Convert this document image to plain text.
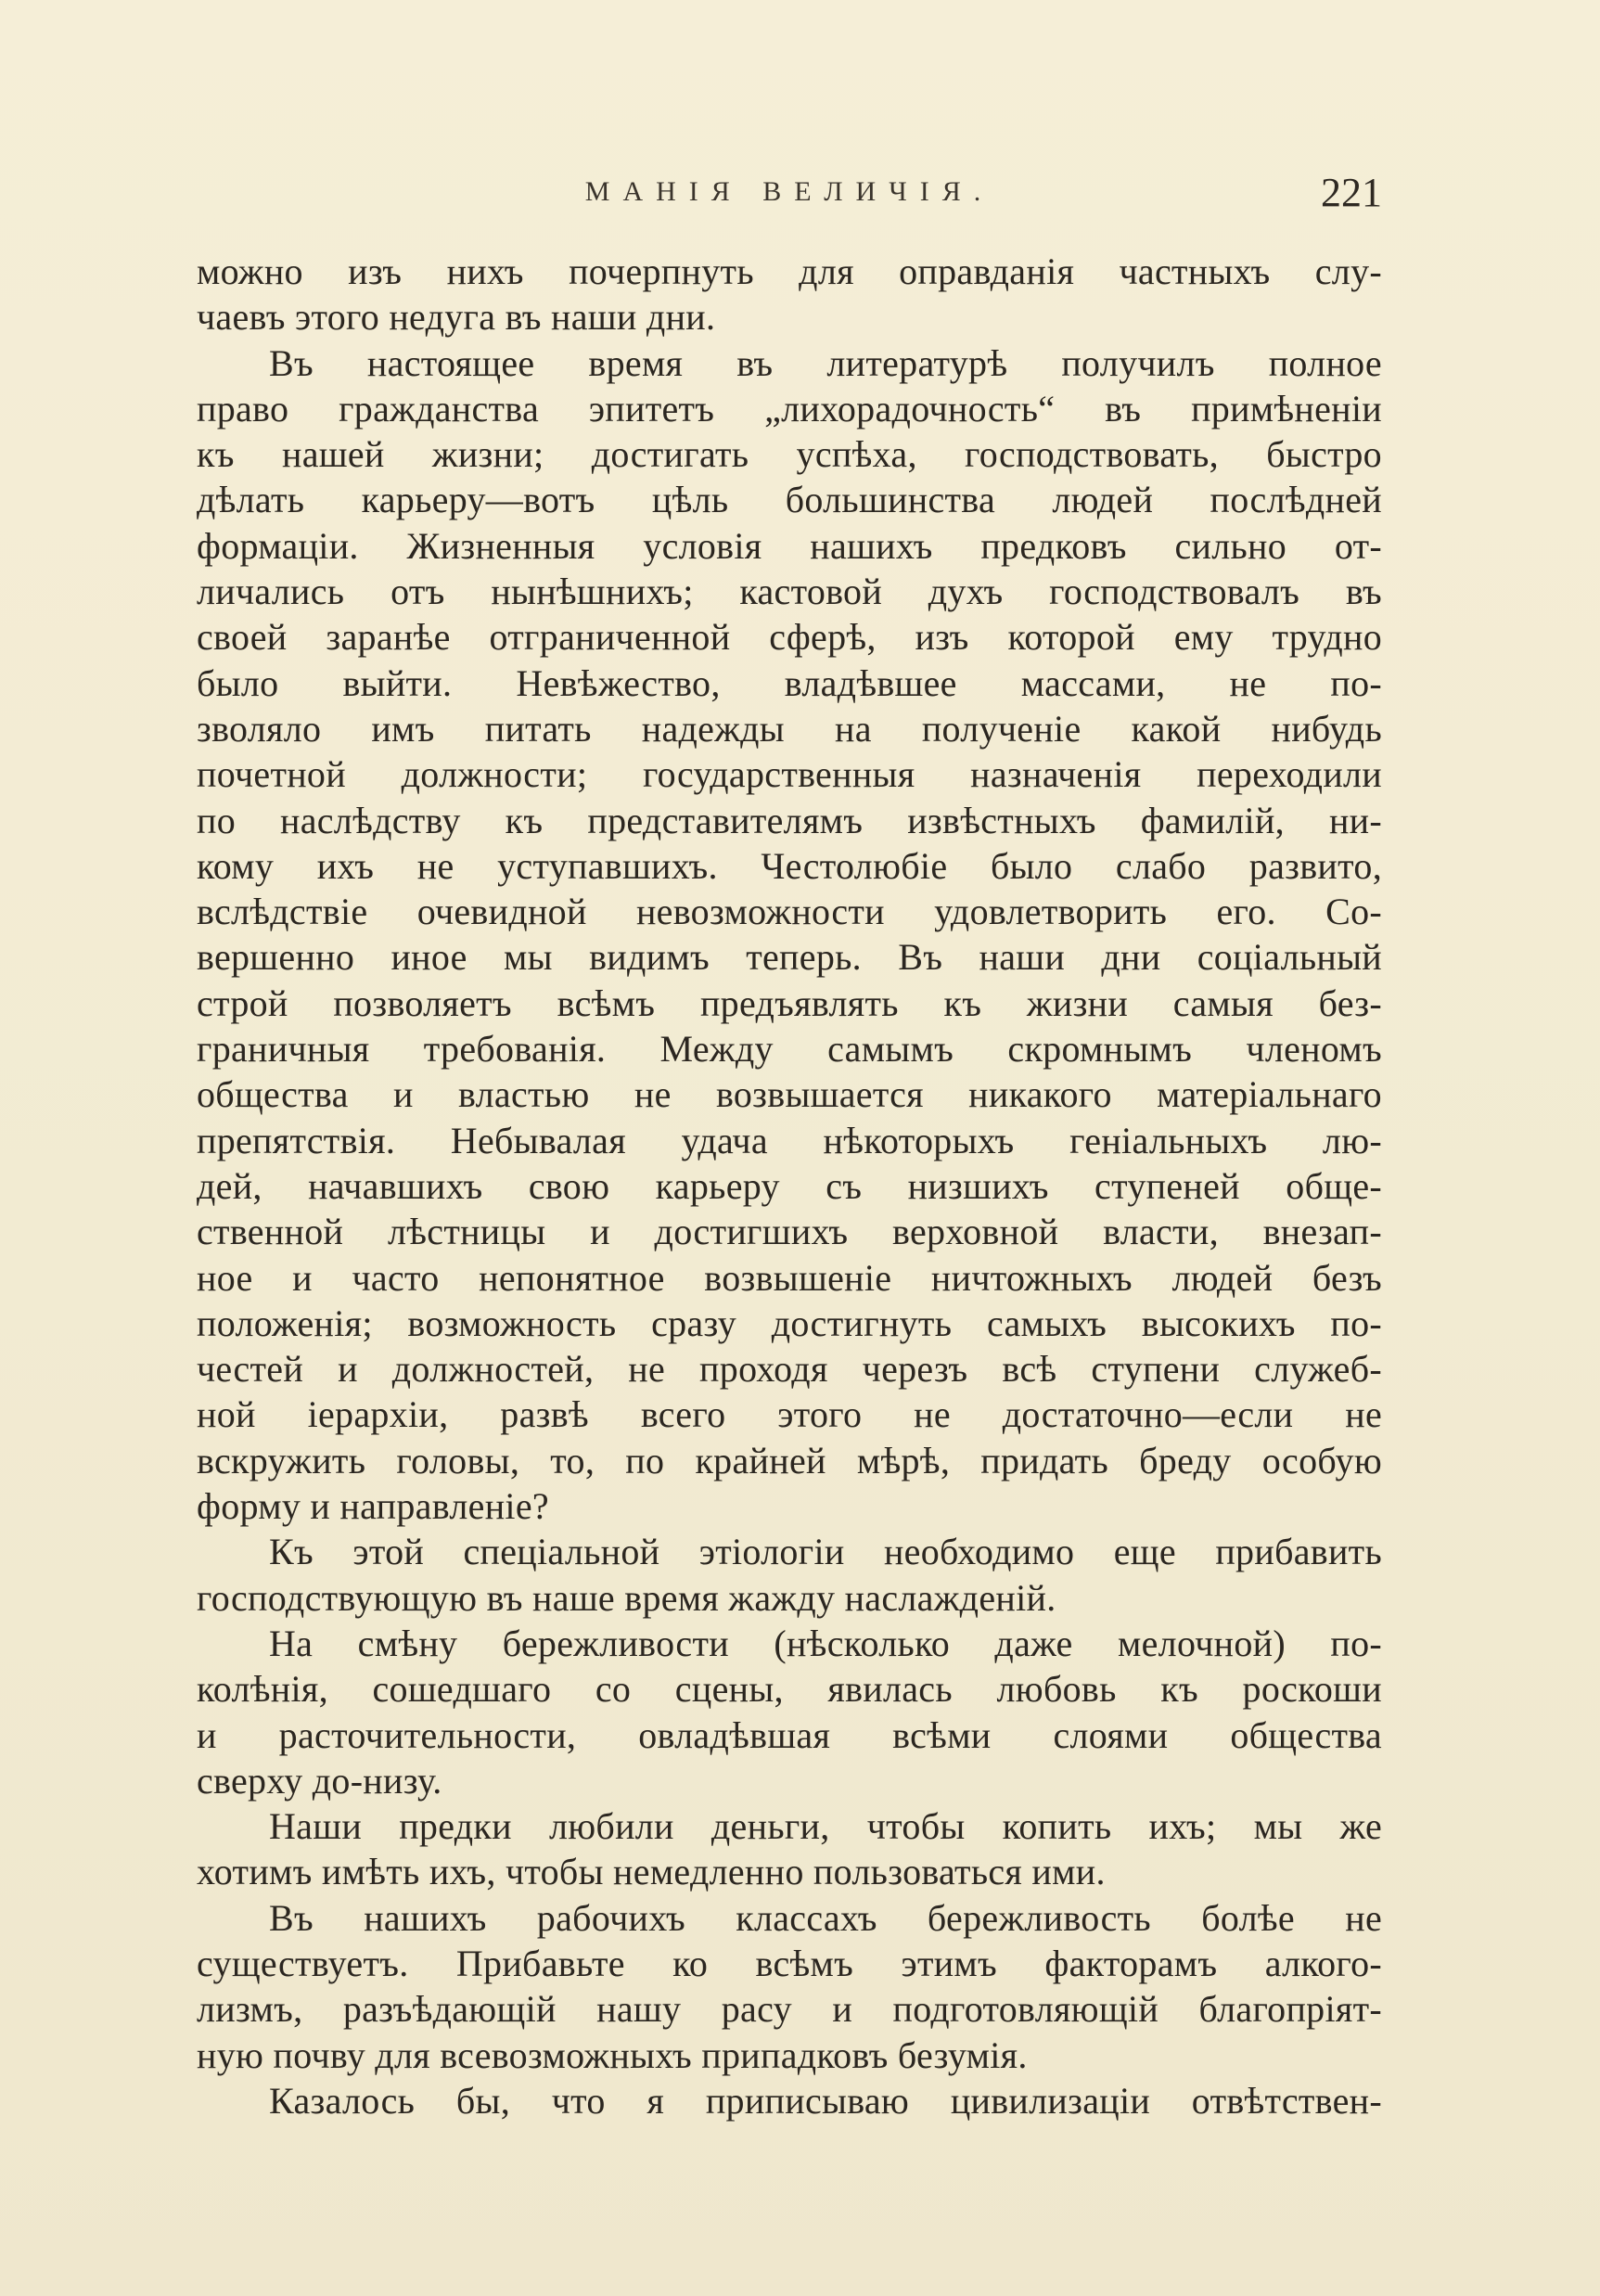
МАНІЯ ВЕЛИЧІЯ.	221
можно изъ нихъ почерпнуть для оправданія частныхъ слу-
чаевъ этого недуга въ наши дни.
Въ настоящее время въ литературѣ получилъ полное
право гражданства эпитетъ „лихорадочность“ въ примѣненіи
къ нашей жизни; достигать успѣха, господствовать, быстро
дѣлать карьеру—вотъ цѣль большинства людей послѣдней
формаціи. Жизненныя условія нашихъ предковъ сильно от-
личались отъ нынѣшнихъ; кастовой духъ господствовалъ въ
своей заранѣе отграниченной сферѣ, изъ которой ему трудно
было выйти. Невѣжество, владѣвшее массами, не по-
зволяло имъ питать надежды на полученіе какой нибудь
почетной должности; государственныя назначенія переходили
по наслѣдству къ представителямъ извѣстныхъ фамилій, ни-
кому ихъ не уступавшихъ. Честолюбіе было слабо развито,
вслѣдствіе очевидной невозможности удовлетворить его. Со-
вершенно иное мы видимъ теперь. Въ наши дни соціальный
строй позволяетъ всѣмъ предъявлять къ жизни самыя без-
граничныя требованія. Между самымъ скромнымъ членомъ
общества и властью не возвышается никакого матеріальнаго
препятствія. Небывалая удача нѣкоторыхъ геніальныхъ лю-
дей, начавшихъ свою карьеру съ низшихъ ступеней обще-
ственной лѣстницы и достигшихъ верховной власти, внезап-
ное и часто непонятное возвышеніе ничтожныхъ людей безъ
положенія; возможность сразу достигнуть самыхъ высокихъ по-
честей и должностей, не проходя черезъ всѣ ступени служеб-
ной іерархіи, развѣ всего этого не достаточно—если не
вскружить головы, то, по крайней мѣрѣ, придать бреду особую
форму и направленіе?
Къ этой спеціальной этіологіи необходимо еще прибавить
господствующую въ наше время жажду наслажденій.
На смѣну бережливости (нѣсколько даже мелочной) по-
колѣнія, сошедшаго со сцены, явилась любовь къ роскоши
и расточительности, овладѣвшая всѣми слоями общества
сверху до-низу.
Наши предки любили деньги, чтобы копить ихъ; мы же
хотимъ имѣть ихъ, чтобы немедленно пользоваться ими.
Въ нашихъ рабочихъ классахъ бережливость болѣе не
существуетъ. Прибавьте ко всѣмъ этимъ факторамъ алкого-
лизмъ, разъѣдающій нашу расу и подготовляющій благопріят-
ную почву для всевозможныхъ припадковъ безумія.
Казалось бы, что я приписываю цивилизаціи отвѣтствен-
